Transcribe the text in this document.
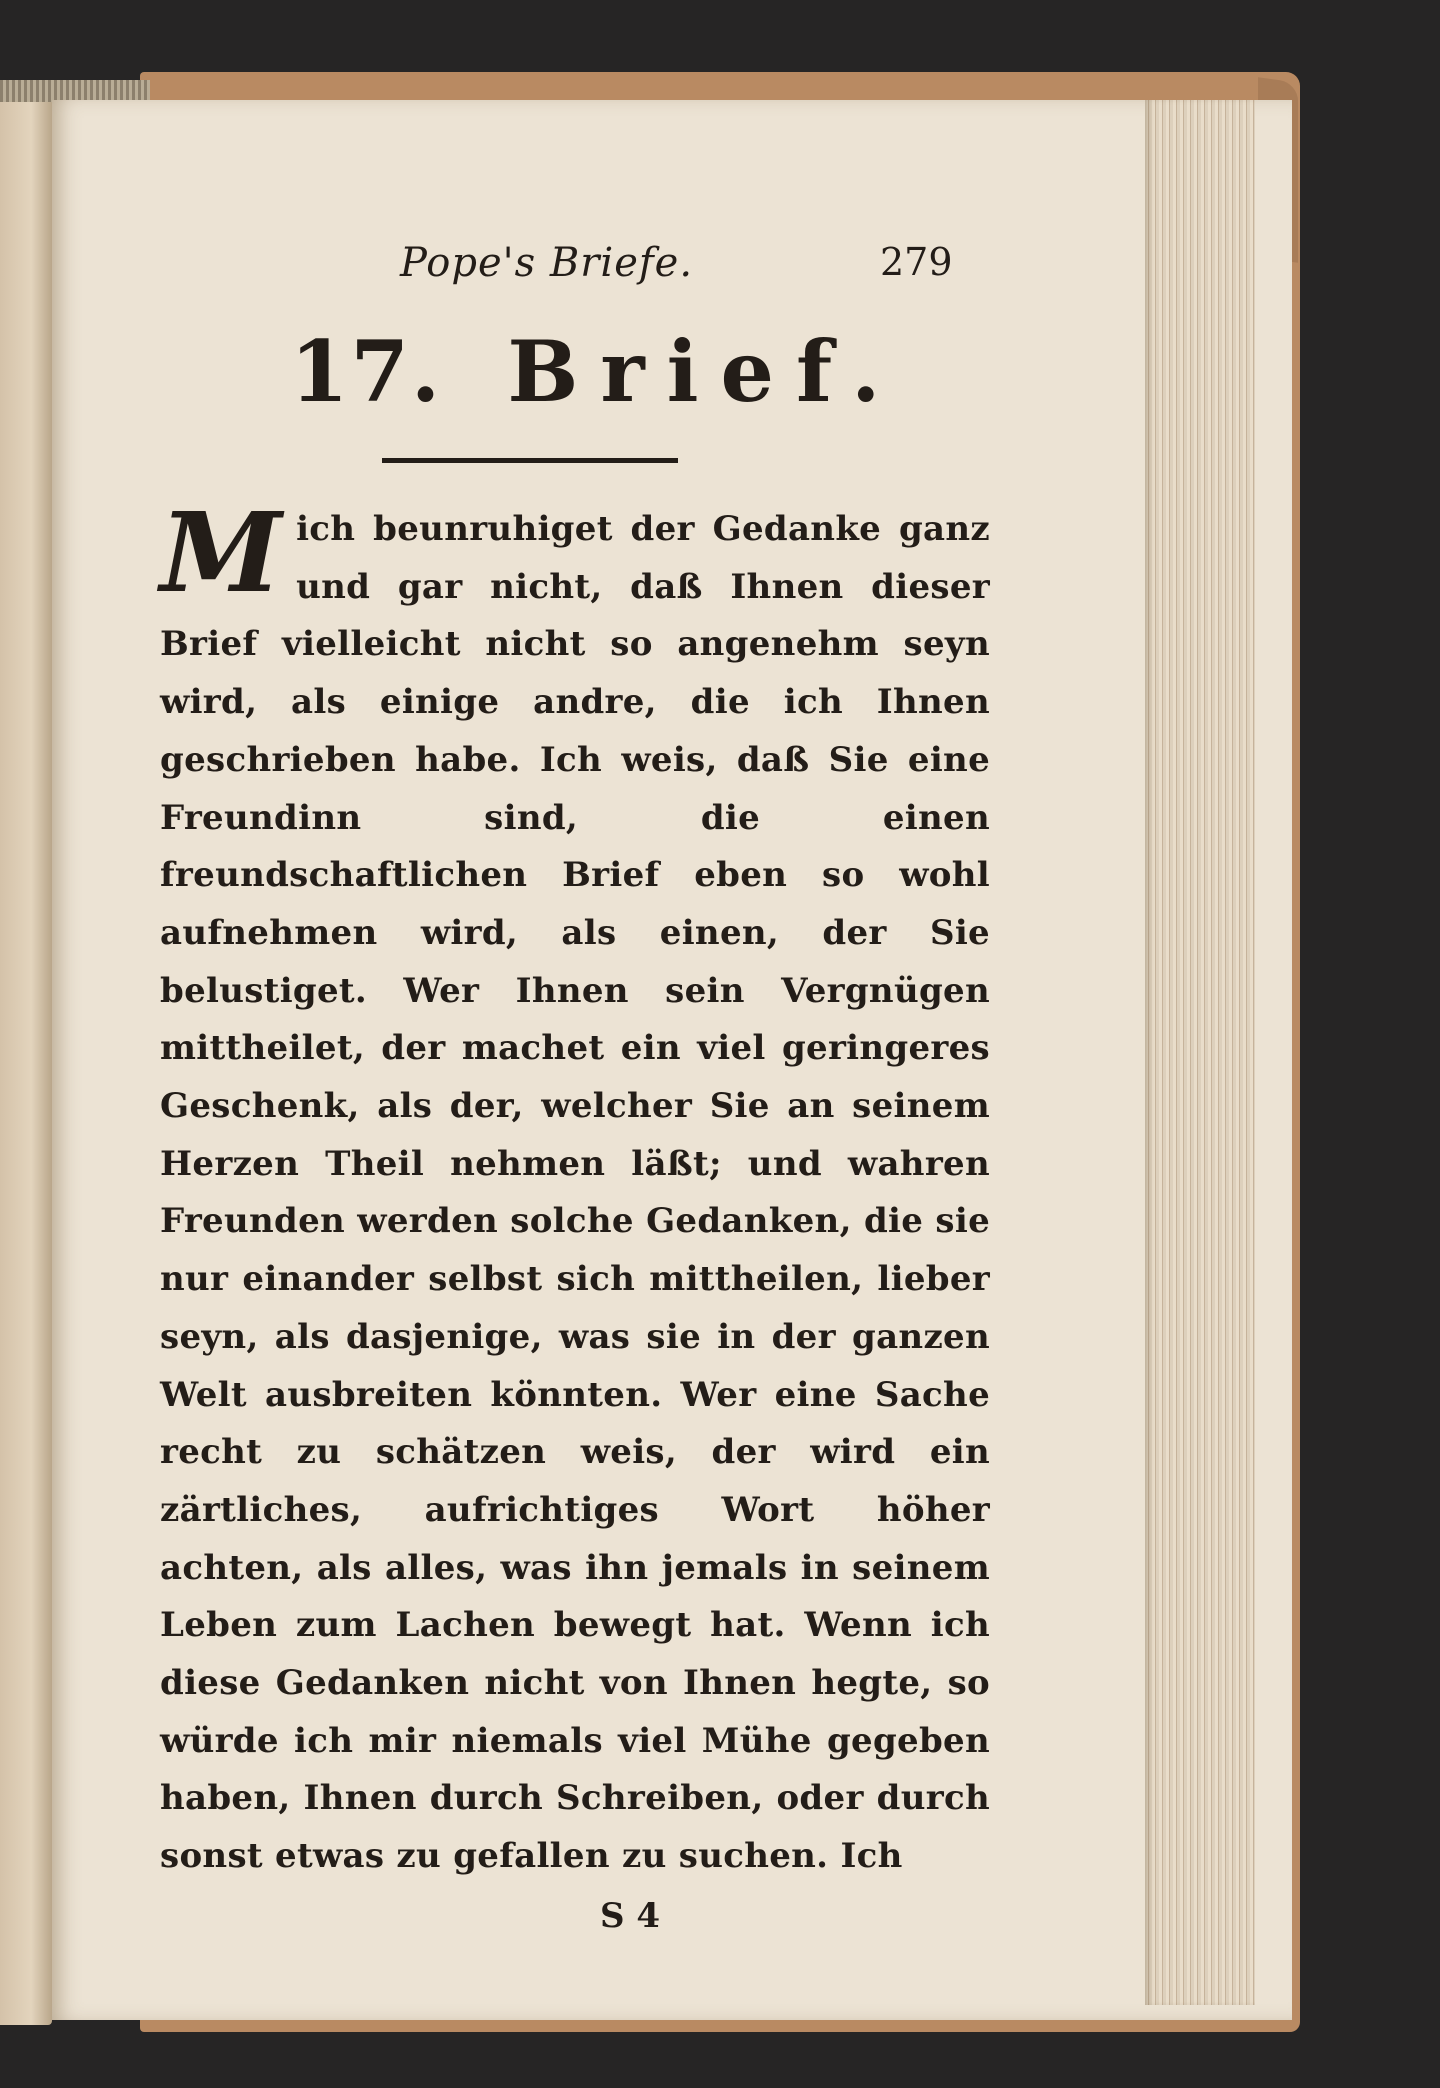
Pope's Briefe.	279
17. Brief.
M ich beunruhiget der Gedanke ganz und gar nicht, daß Ihnen dieser Brief vielleicht nicht so angenehm seyn wird, als einige andre, die ich Ihnen geschrieben habe. Ich weis, daß Sie eine Freundinn sind, die einen freundschaftlichen Brief eben so wohl aufnehmen wird, als einen, der Sie belustiget. Wer Ihnen sein Vergnügen mittheilet, der machet ein viel geringeres Geschenk, als der, welcher Sie an seinem Herzen Theil nehmen läßt; und wahren Freunden werden solche Gedanken, die sie nur einander selbst sich mittheilen, lieber seyn, als dasjenige, was sie in der ganzen Welt ausbreiten könnten. Wer eine Sache recht zu schätzen weis, der wird ein zärtliches, aufrichtiges Wort höher achten, als alles, was ihn jemals in seinem Leben zum Lachen bewegt hat. Wenn ich diese Gedanken nicht von Ihnen hegte, so würde ich mir niemals viel Mühe gegeben haben, Ihnen durch Schreiben, oder durch sonst etwas zu gefallen zu suchen. Ich
S 4
